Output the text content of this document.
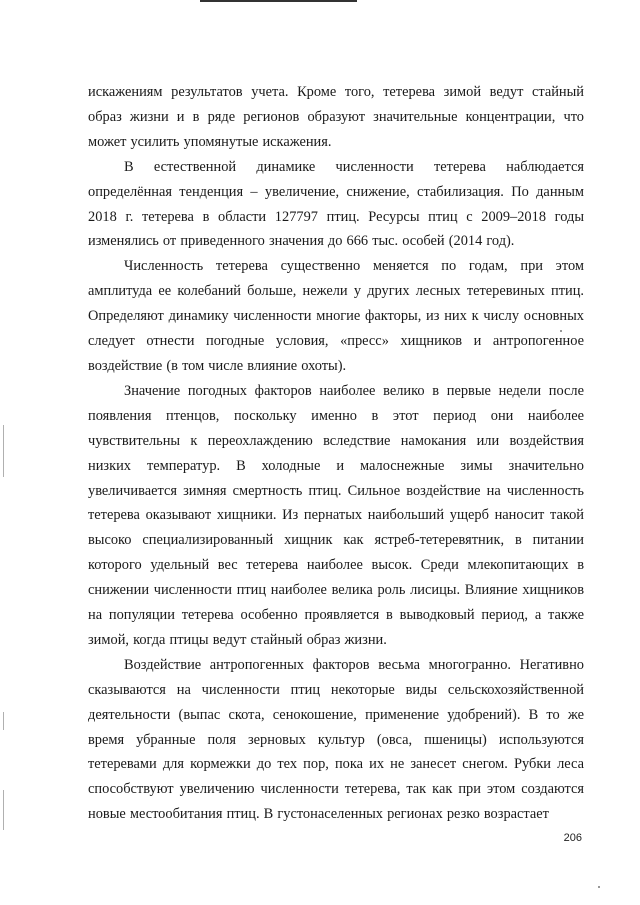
искажениям результатов учета. Кроме того, тетерева зимой ведут стайный образ жизни и в ряде регионов образуют значительные концентрации, что может усилить упомянутые искажения.

В естественной динамике численности тетерева наблюдается определённая тенденция – увеличение, снижение, стабилизация. По данным 2018 г. тетерева в области 127797 птиц. Ресурсы птиц с 2009–2018 годы изменялись от приведенного значения до 666 тыс. особей (2014 год).

Численность тетерева существенно меняется по годам, при этом амплитуда ее колебаний больше, нежели у других лесных тетеревиных птиц. Определяют динамику численности многие факторы, из них к числу основных следует отнести погодные условия, «пресс» хищников и антропогенное воздействие (в том числе влияние охоты).

Значение погодных факторов наиболее велико в первые недели после появления птенцов, поскольку именно в этот период они наиболее чувствительны к переохлаждению вследствие намокания или воздействия низких температур. В холодные и малоснежные зимы значительно увеличивается зимняя смертность птиц. Сильное воздействие на численность тетерева оказывают хищники. Из пернатых наибольший ущерб наносит такой высоко специализированный хищник как ястреб-тетеревятник, в питании которого удельный вес тетерева наиболее высок. Среди млекопитающих в снижении численности птиц наиболее велика роль лисицы. Влияние хищников на популяции тетерева особенно проявляется в выводковый период, а также зимой, когда птицы ведут стайный образ жизни.

Воздействие антропогенных факторов весьма многогранно. Негативно сказываются на численности птиц некоторые виды сельскохозяйственной деятельности (выпас скота, сенокошение, применение удобрений). В то же время убранные поля зерновых культур (овса, пшеницы) используются тетеревами для кормежки до тех пор, пока их не занесет снегом. Рубки леса способствуют увеличению численности тетерева, так как при этом создаются новые местообитания птиц. В густонаселенных регионах резко возрастает

206
